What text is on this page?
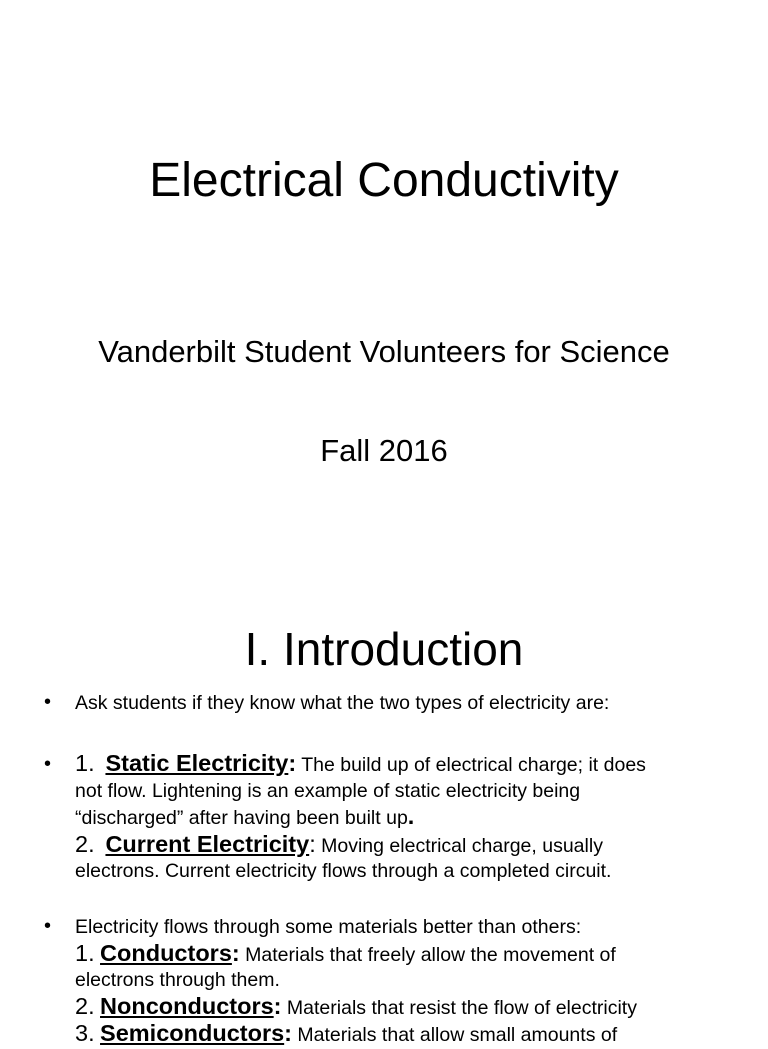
Electrical Conductivity

Vanderbilt Student Volunteers for Science

Fall 2016

I. Introduction
• Ask students if they know what the two types of electricity are:
• 1. Static Electricity: The build up of electrical charge; it does
not flow. Lightening is an example of static electricity being
“discharged” after having been built up.
2. Current Electricity: Moving electrical charge, usually
electrons. Current electricity flows through a completed circuit.
• Electricity flows through some materials better than others:
1. Conductors: Materials that freely allow the movement of
electrons through them.
2. Nonconductors: Materials that resist the flow of electricity
3. Semiconductors: Materials that allow small amounts of
